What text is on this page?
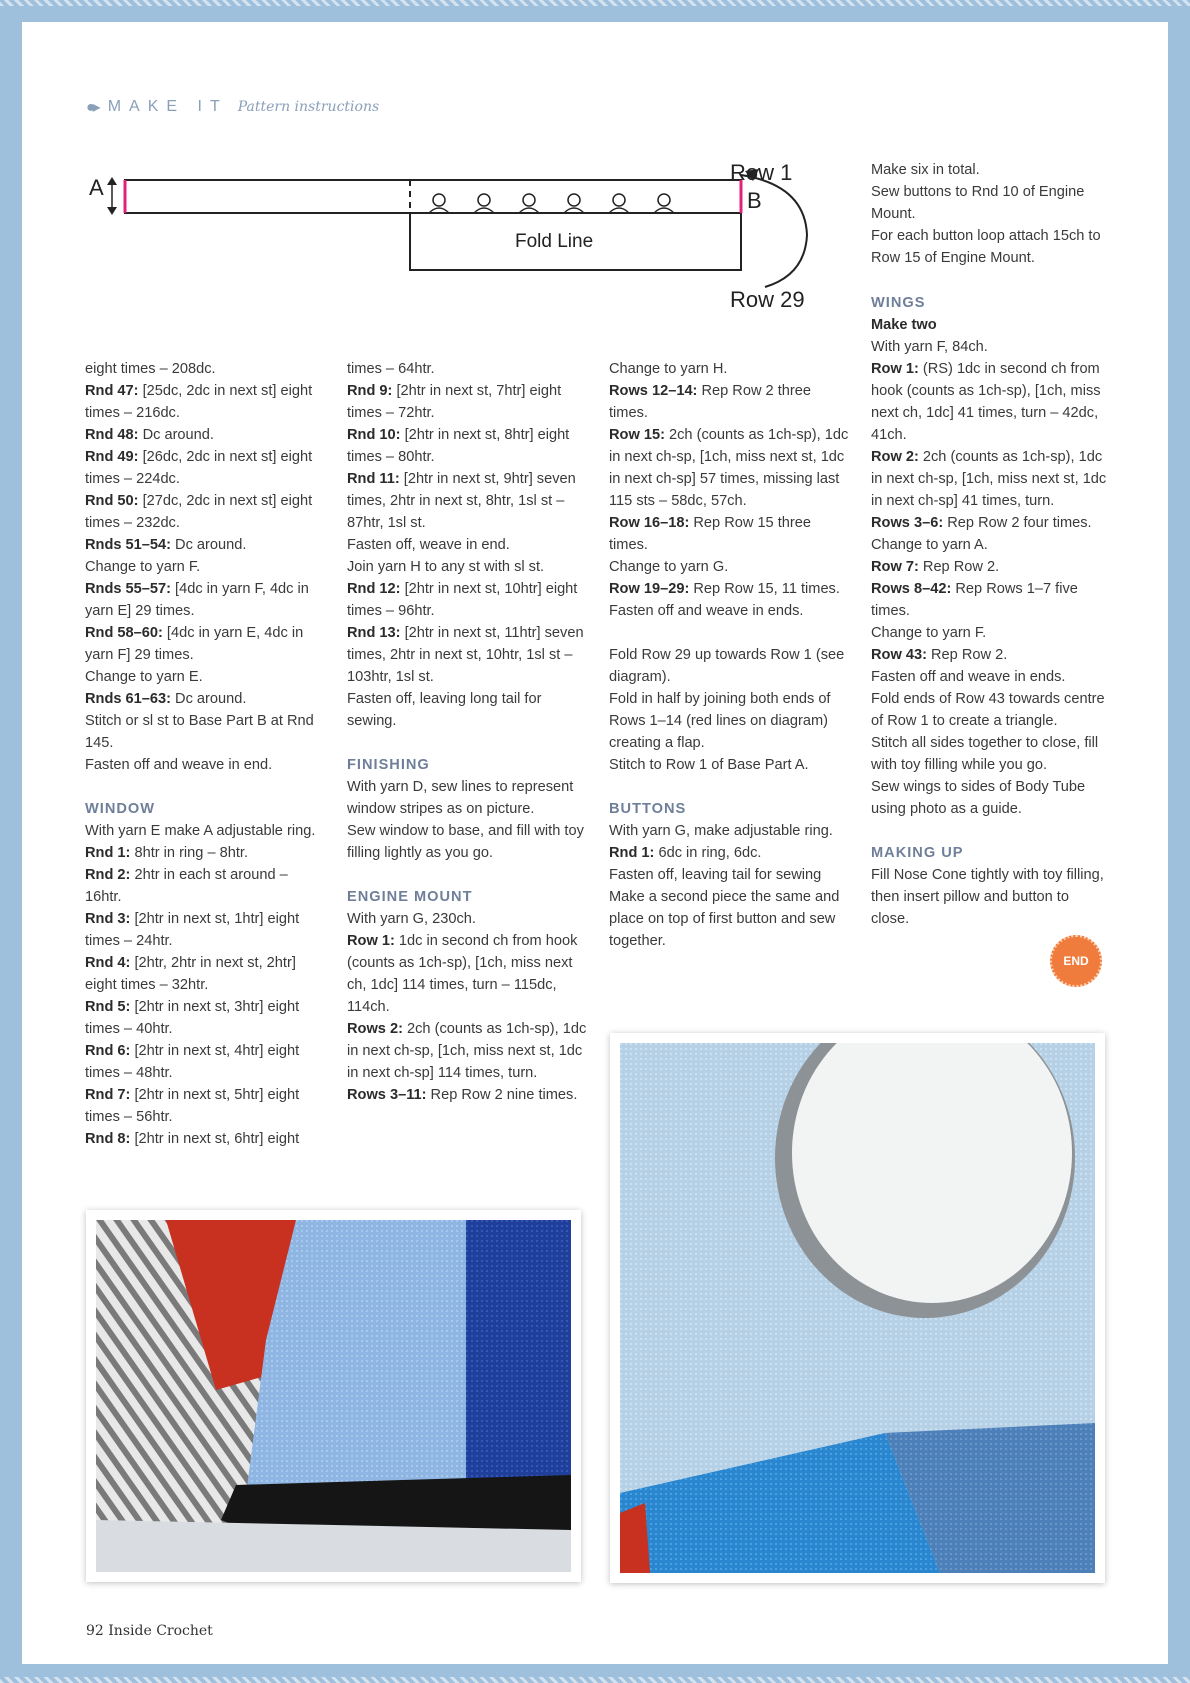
●▸ MAKE IT Pattern instructions
A
Fold Line
B
Row 1
Row 29

eight times – 208dc.

Rnd 47: [25dc, 2dc in next st] eight times – 216dc.

Rnd 48: Dc around.

Rnd 49: [26dc, 2dc in next st] eight times – 224dc.

Rnd 50: [27dc, 2dc in next st] eight times – 232dc.

Rnds 51–54: Dc around.

Change to yarn F.

Rnds 55–57: [4dc in yarn F, 4dc in yarn E] 29 times.

Rnd 58–60: [4dc in yarn E, 4dc in yarn F] 29 times.

Change to yarn E.

Rnds 61–63: Dc around.

Stitch or sl st to Base Part B at Rnd 145.

Fasten off and weave in end.

WINDOW

With yarn E make A adjustable ring.

Rnd 1: 8htr in ring – 8htr.

Rnd 2: 2htr in each st around – 16htr.

Rnd 3: [2htr in next st, 1htr] eight times – 24htr.

Rnd 4: [2htr, 2htr in next st, 2htr] eight times – 32htr.

Rnd 5: [2htr in next st, 3htr] eight times – 40htr.

Rnd 6: [2htr in next st, 4htr] eight times – 48htr.

Rnd 7: [2htr in next st, 5htr] eight times – 56htr.

Rnd 8: [2htr in next st, 6htr] eight

times – 64htr.

Rnd 9: [2htr in next st, 7htr] eight times – 72htr.

Rnd 10: [2htr in next st, 8htr] eight times – 80htr.

Rnd 11: [2htr in next st, 9htr] seven times, 2htr in next st, 8htr, 1sl st – 87htr, 1sl st.

Fasten off, weave in end.

Join yarn H to any st with sl st.

Rnd 12: [2htr in next st, 10htr] eight times – 96htr.

Rnd 13: [2htr in next st, 11htr] seven times, 2htr in next st, 10htr, 1sl st – 103htr, 1sl st.

Fasten off, leaving long tail for sewing.

FINISHING

With yarn D, sew lines to represent window stripes as on picture.

Sew window to base, and fill with toy filling lightly as you go.

ENGINE MOUNT

With yarn G, 230ch.

Row 1: 1dc in second ch from hook (counts as 1ch-sp), [1ch, miss next ch, 1dc] 114 times, turn – 115dc, 114ch.

Rows 2: 2ch (counts as 1ch-sp), 1dc in next ch-sp, [1ch, miss next st, 1dc in next ch-sp] 114 times, turn.

Rows 3–11: Rep Row 2 nine times.

Change to yarn H.

Rows 12–14: Rep Row 2 three times.

Row 15: 2ch (counts as 1ch-sp), 1dc in next ch-sp, [1ch, miss next st, 1dc in next ch-sp] 57 times, missing last 115 sts – 58dc, 57ch.

Row 16–18: Rep Row 15 three times.

Change to yarn G.

Row 19–29: Rep Row 15, 11 times.

Fasten off and weave in ends.

Fold Row 29 up towards Row 1 (see diagram).

Fold in half by joining both ends of Rows 1–14 (red lines on diagram) creating a flap.

Stitch to Row 1 of Base Part A.

BUTTONS

With yarn G, make adjustable ring.

Rnd 1: 6dc in ring, 6dc.

Fasten off, leaving tail for sewing

Make a second piece the same and place on top of first button and sew together.

Make six in total.

Sew buttons to Rnd 10 of Engine Mount.

For each button loop attach 15ch to Row 15 of Engine Mount.

WINGS

Make two

With yarn F, 84ch.

Row 1: (RS) 1dc in second ch from hook (counts as 1ch-sp), [1ch, miss next ch, 1dc] 41 times, turn – 42dc, 41ch.

Row 2: 2ch (counts as 1ch-sp), 1dc in next ch-sp, [1ch, miss next st, 1dc in next ch-sp] 41 times, turn.

Rows 3–6: Rep Row 2 four times.

Change to yarn A.

Row 7: Rep Row 2.

Rows 8–42: Rep Rows 1–7 five times.

Change to yarn F.

Row 43: Rep Row 2.

Fasten off and weave in ends.

Fold ends of Row 43 towards centre of Row 1 to create a triangle.

Stitch all sides together to close, fill with toy filling while you go.

Sew wings to sides of Body Tube using photo as a guide.

MAKING UP

Fill Nose Cone tightly with toy filling, then insert pillow and button to close.

END
92 Inside Crochet
